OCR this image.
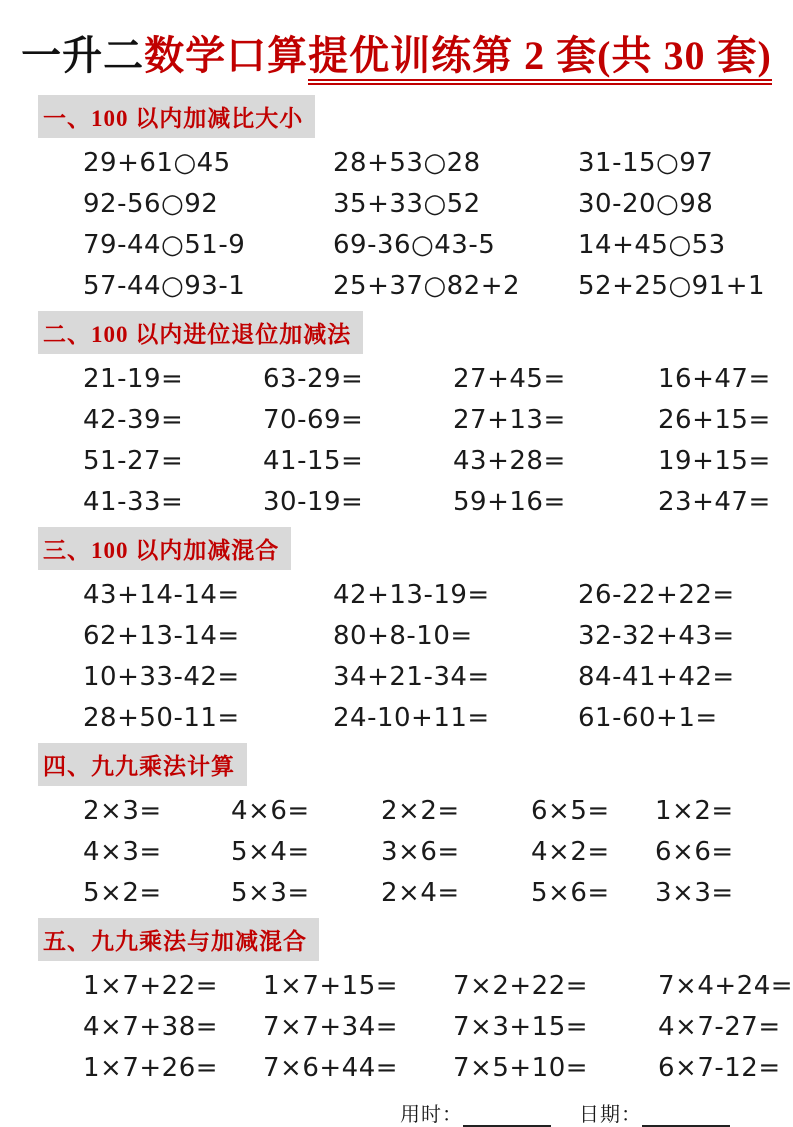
一升二数学口算提优训练第 2 套(共 30 套)
一、100 以内加减比大小
29+61○45	28+53○28	31-15○97
92-56○92	35+33○52	30-20○98
79-44○51-9	69-36○43-5	14+45○53
57-44○93-1	25+37○82+2	52+25○91+1
二、100 以内进位退位加减法
21-19=	63-29=	27+45=	16+47=
42-39=	70-69=	27+13=	26+15=
51-27=	41-15=	43+28=	19+15=
41-33=	30-19=	59+16=	23+47=
三、100 以内加减混合
43+14-14=	42+13-19=	26-22+22=
62+13-14=	80+8-10=	32-32+43=
10+33-42=	34+21-34=	84-41+42=
28+50-11=	24-10+11=	61-60+1=
四、九九乘法计算
2×3=	4×6=	2×2=	6×5=	1×2=
4×3=	5×4=	3×6=	4×2=	6×6=
5×2=	5×3=	2×4=	5×6=	3×3=
五、九九乘法与加减混合
1×7+22=	1×7+15=	7×2+22=	7×4+24=
4×7+38=	7×7+34=	7×3+15=	4×7-27=
1×7+26=	7×6+44=	7×5+10=	6×7-12=
用时：	日期：
